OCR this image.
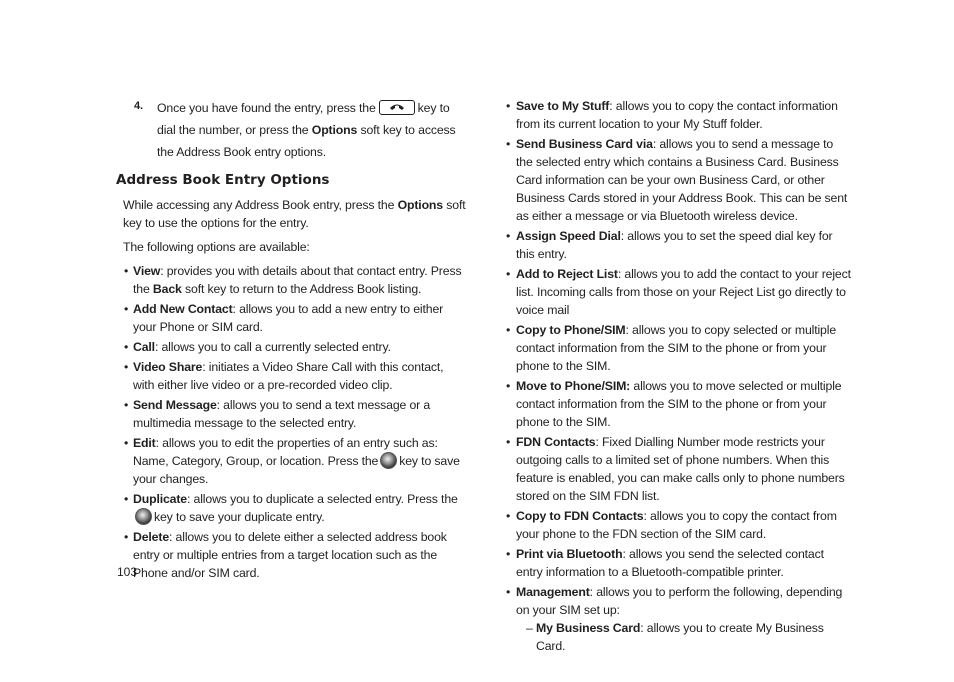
4. Once you have found the entry, press the	key to dial the number, or press the Options soft key to access the Address Book entry options.

Address Book Entry Options

While accessing any Address Book entry, press the Options soft key to use the options for the entry.

The following options are available:

• View: provides you with details about that contact entry. Press the Back soft key to return to the Address Book listing.
• Add New Contact: allows you to add a new entry to either your Phone or SIM card.
• Call: allows you to call a currently selected entry.
• Video Share: initiates a Video Share Call with this contact, with either live video or a pre-recorded video clip.
• Send Message: allows you to send a text message or a multimedia message to the selected entry.
• Edit: allows you to edit the properties of an entry such as: Name, Category, Group, or location. Press the key to save your changes.
• Duplicate: allows you to duplicate a selected entry. Press thekey to save your duplicate entry.
• Delete: allows you to delete either a selected address book entry or multiple entries from a target location such as the Phone and/or SIM card.
• Save to My Stuff: allows you to copy the contact information from its current location to your My Stuff folder.
• Send Business Card via: allows you to send a message to the selected entry which contains a Business Card. Business Card information can be your own Business Card, or other Business Cards stored in your Address Book. This can be sent as either a message or via Bluetooth wireless device.
• Assign Speed Dial: allows you to set the speed dial key for this entry.
• Add to Reject List: allows you to add the contact to your reject list. Incoming calls from those on your Reject List go directly to voice mail
• Copy to Phone/SIM: allows you to copy selected or multiple contact information from the SIM to the phone or from your phone to the SIM.
• Move to Phone/SIM: allows you to move selected or multiple contact information from the SIM to the phone or from your phone to the SIM.
• FDN Contacts: Fixed Dialling Number mode restricts your outgoing calls to a limited set of phone numbers. When this feature is enabled, you can make calls only to phone numbers stored on the SIM FDN list.
• Copy to FDN Contacts: allows you to copy the contact from your phone to the FDN section of the SIM card.
• Print via Bluetooth: allows you send the selected contact entry information to a Bluetooth-compatible printer.
• Management: allows you to perform the following, depending on your SIM set up:
– My Business Card: allows you to create My Business Card.
103
